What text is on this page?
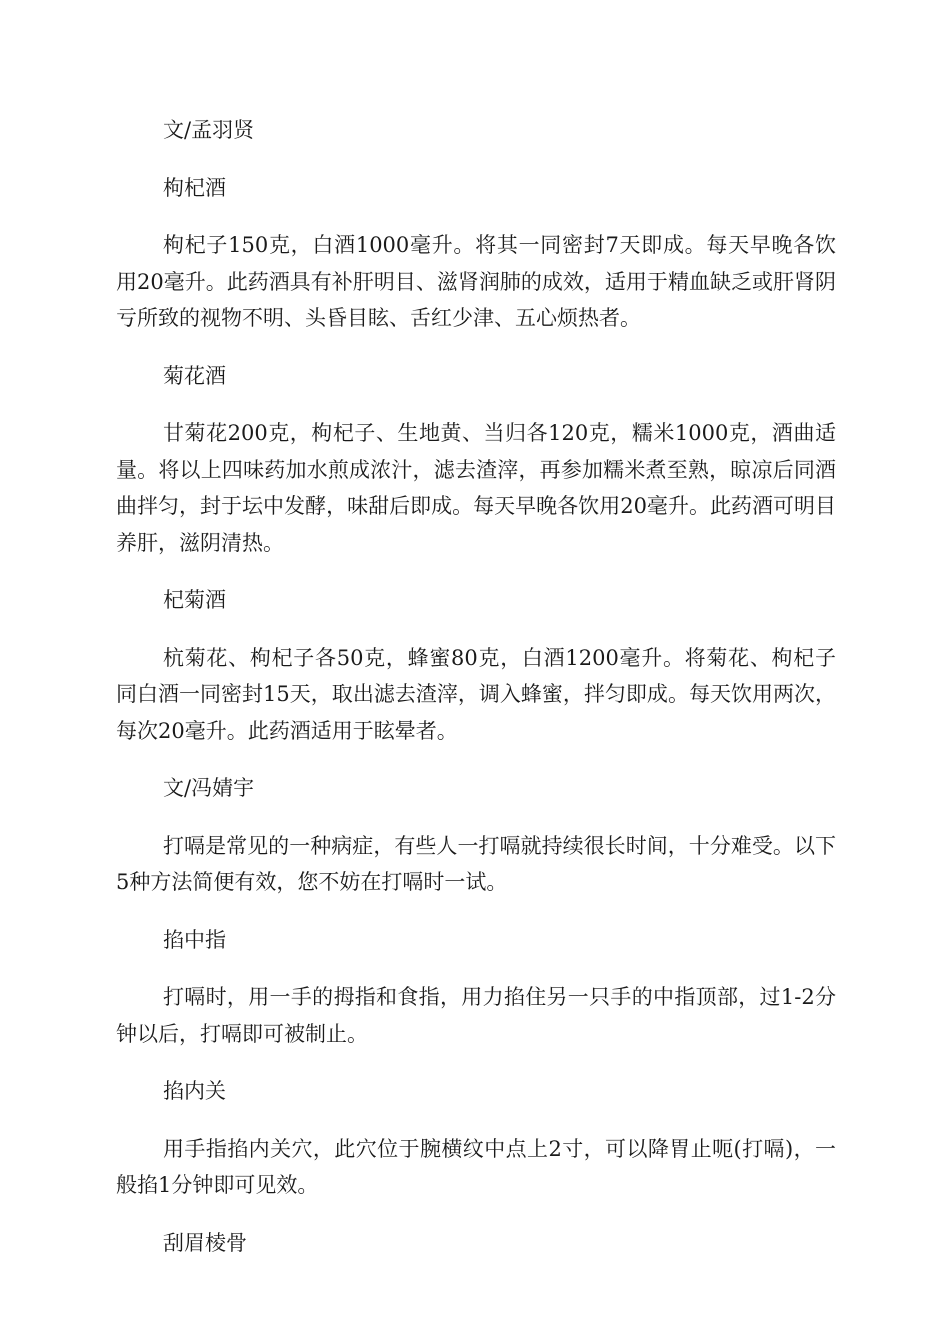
文/孟羽贤

枸杞酒

枸杞子150克，白酒1000毫升。将其一同密封7天即成。每天早晚各饮用20毫升。此药酒具有补肝明目、滋肾润肺的成效，适用于精血缺乏或肝肾阴亏所致的视物不明、头昏目眩、舌红少津、五心烦热者。

菊花酒

甘菊花200克，枸杞子、生地黄、当归各120克，糯米1000克，酒曲适量。将以上四味药加水煎成浓汁，滤去渣滓，再参加糯米煮至熟，晾凉后同酒曲拌匀，封于坛中发酵，味甜后即成。每天早晚各饮用20毫升。此药酒可明目养肝，滋阴清热。

杞菊酒

杭菊花、枸杞子各50克，蜂蜜80克，白酒1200毫升。将菊花、枸杞子同白酒一同密封15天，取出滤去渣滓，调入蜂蜜，拌匀即成。每天饮用两次，每次20毫升。此药酒适用于眩晕者。

文/冯婧宇

打嗝是常见的一种病症，有些人一打嗝就持续很长时间，十分难受。以下5种方法简便有效，您不妨在打嗝时一试。

掐中指

打嗝时，用一手的拇指和食指，用力掐住另一只手的中指顶部，过1-2分钟以后，打嗝即可被制止。

掐内关

用手指掐内关穴，此穴位于腕横纹中点上2寸，可以降胃止呃(打嗝)，一般掐1分钟即可见效。

刮眉棱骨
